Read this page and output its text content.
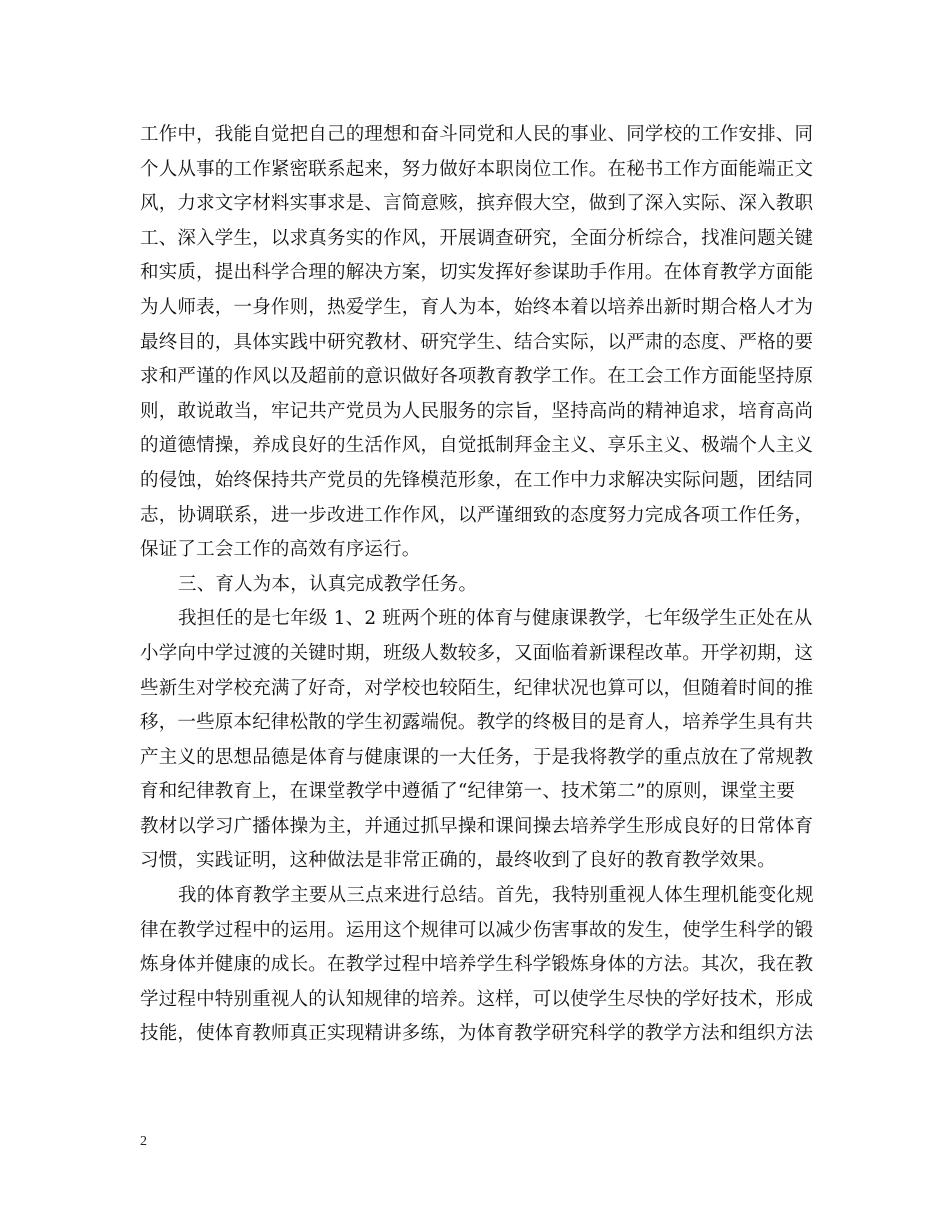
工作中，我能自觉把自己的理想和奋斗同党和人民的事业、同学校的工作安排、同
个人从事的工作紧密联系起来，努力做好本职岗位工作。在秘书工作方面能端正文
风，力求文字材料实事求是、言简意赅，摈弃假大空，做到了深入实际、深入教职
工、深入学生，以求真务实的作风，开展调查研究，全面分析综合，找准问题关键
和实质，提出科学合理的解决方案，切实发挥好参谋助手作用。在体育教学方面能
为人师表，一身作则，热爱学生，育人为本，始终本着以培养出新时期合格人才为
最终目的，具体实践中研究教材、研究学生、结合实际，以严肃的态度、严格的要
求和严谨的作风以及超前的意识做好各项教育教学工作。在工会工作方面能坚持原
则，敢说敢当，牢记共产党员为人民服务的宗旨，坚持高尚的精神追求，培育高尚
的道德情操，养成良好的生活作风，自觉抵制拜金主义、享乐主义、极端个人主义
的侵蚀，始终保持共产党员的先锋模范形象，在工作中力求解决实际问题，团结同
志，协调联系，进一步改进工作作风，以严谨细致的态度努力完成各项工作任务，
保证了工会工作的高效有序运行。
三、育人为本，认真完成教学任务。
我担任的是七年级 1、2 班两个班的体育与健康课教学，七年级学生正处在从
小学向中学过渡的关键时期，班级人数较多，又面临着新课程改革。开学初期，这
些新生对学校充满了好奇，对学校也较陌生，纪律状况也算可以，但随着时间的推
移，一些原本纪律松散的学生初露端倪。教学的终极目的是育人，培养学生具有共
产主义的思想品德是体育与健康课的一大任务，于是我将教学的重点放在了常规教
育和纪律教育上，在课堂教学中遵循了“纪律第一、技术第二”的原则，课堂主要
教材以学习广播体操为主，并通过抓早操和课间操去培养学生形成良好的日常体育
习惯，实践证明，这种做法是非常正确的，最终收到了良好的教育教学效果。
我的体育教学主要从三点来进行总结。首先，我特别重视人体生理机能变化规
律在教学过程中的运用。运用这个规律可以减少伤害事故的发生，使学生科学的锻
炼身体并健康的成长。在教学过程中培养学生科学锻炼身体的方法。其次，我在教
学过程中特别重视人的认知规律的培养。这样，可以使学生尽快的学好技术，形成
技能，使体育教师真正实现精讲多练，为体育教学研究科学的教学方法和组织方法
2
